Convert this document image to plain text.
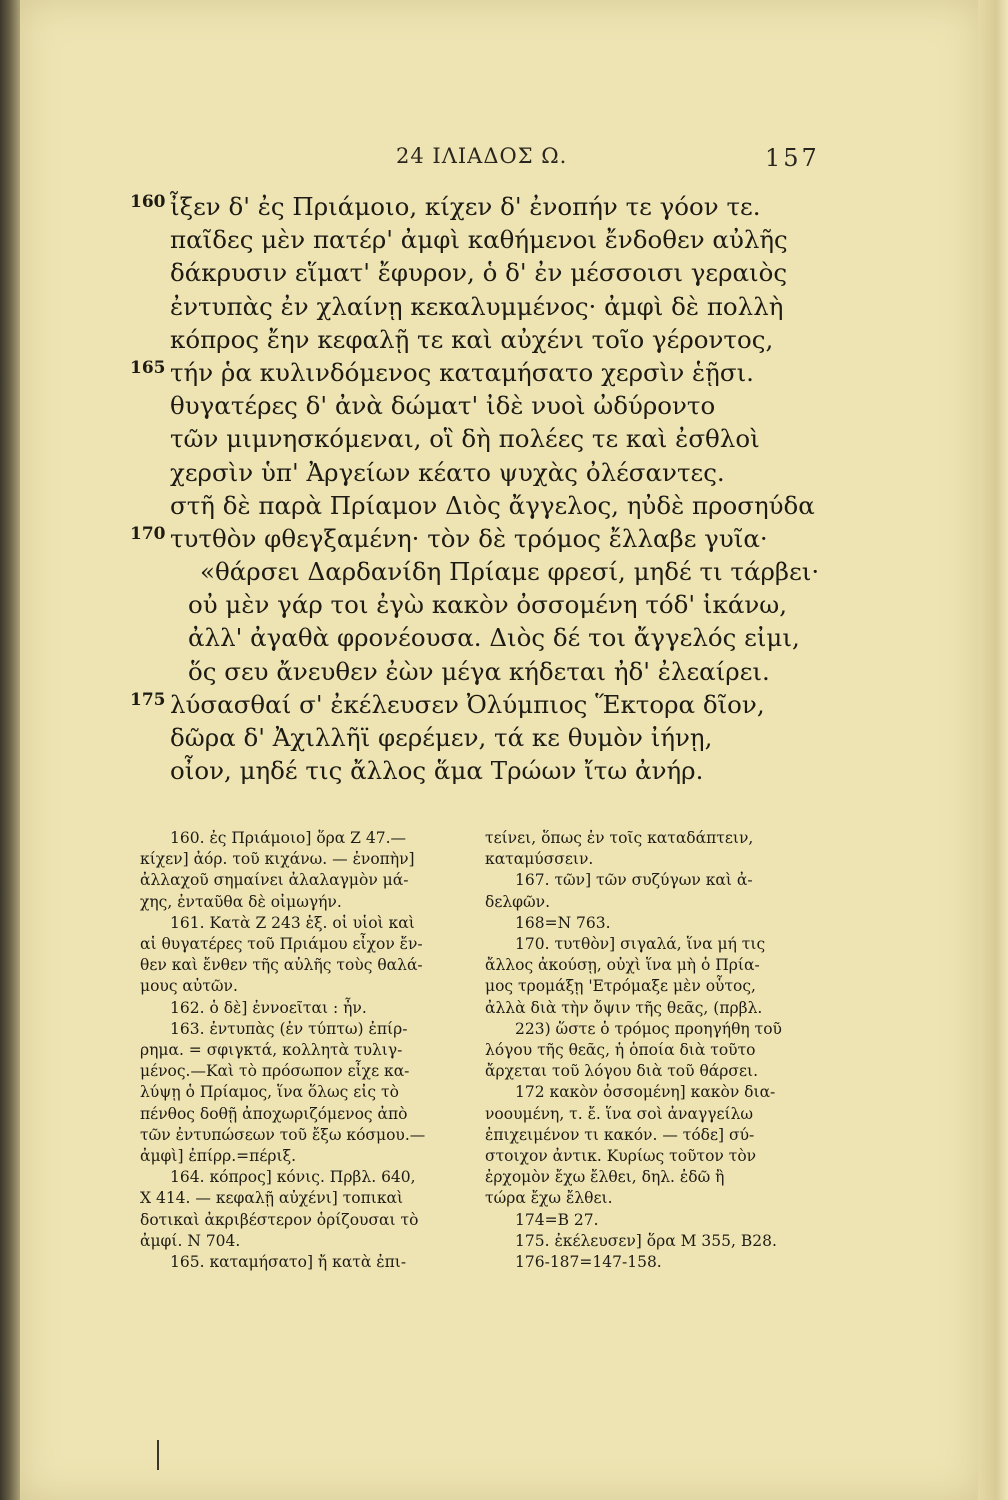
24 ΙΛΙΑΔΟΣ Ω.	157
160 ἶξεν δ' ἐς Πριάμοιο, κίχεν δ' ἐνοπήν τε γόον τε.
παῖδες μὲν πατέρ' ἀμφὶ καθήμενοι ἔνδοθεν αὐλῆς
δάκρυσιν εἵματ' ἔφυρον, ὁ δ' ἐν μέσσοισι γεραιὸς
ἐντυπὰς ἐν χλαίνῃ κεκαλυμμένος· ἀμφὶ δὲ πολλὴ
κόπρος ἔην κεφαλῇ τε καὶ αὐχένι τοῖο γέροντος,
165 τήν ῥα κυλινδόμενος καταμήσατο χερσὶν ἑῇσι.
θυγατέρες δ' ἀνὰ δώματ' ἰδὲ νυοὶ ὠδύροντο
τῶν μιμνησκόμεναι, οἳ δὴ πολέες τε καὶ ἐσθλοὶ
χερσὶν ὑπ' Ἀργείων κέατο ψυχὰς ὀλέσαντες.
στῆ δὲ παρὰ Πρίαμον Διὸς ἄγγελος, ηὐδὲ προσηύδα
170 τυτθὸν φθεγξαμένη· τὸν δὲ τρόμος ἔλλαβε γυῖα·
«θάρσει Δαρδανίδη Πρίαμε φρεσί, μηδέ τι τάρβει·
οὐ μὲν γάρ τοι ἐγὼ κακὸν ὀσσομένη τόδ' ἱκάνω,
ἀλλ' ἀγαθὰ φρονέουσα. Διὸς δέ τοι ἄγγελός εἰμι,
ὅς σευ ἄνευθεν ἐὼν μέγα κήδεται ἠδ' ἐλεαίρει.
175 λύσασθαί σ' ἐκέλευσεν Ὀλύμπιος Ἕκτορα δῖον,
δῶρα δ' Ἀχιλλῆϊ φερέμεν, τά κε θυμὸν ἰήνῃ,
οἶον, μηδέ τις ἄλλος ἅμα Τρώων ἴτω ἀνήρ.
160. ἐς Πριάμοιο] ὅρα Ζ 47.—
κίχεν] ἀόρ. τοῦ κιχάνω. — ἐνοπὴν]
ἀλλαχοῦ σημαίνει ἀλαλαγμὸν μά-
χης, ἐνταῦθα δὲ οἰμωγήν.
161. Κατὰ Ζ 243 ἑξ. οἱ υἱοὶ καὶ
αἱ θυγατέρες τοῦ Πριάμου εἶχον ἔν-
θεν καὶ ἔνθεν τῆς αὐλῆς τοὺς θαλά-
μους αὐτῶν.
162. ὁ δὲ] ἐννοεῖται : ἦν.
163. ἐντυπὰς (ἐν τύπτω) ἐπίρ-
ρημα. = σφιγκτά, κολλητὰ τυλιγ-
μένος.—Καὶ τὸ πρόσωπον εἶχε κα-
λύψῃ ὁ Πρίαμος, ἵνα ὅλως εἰς τὸ
πένθος δοθῇ ἀποχωριζόμενος ἀπὸ
τῶν ἐντυπώσεων τοῦ ἔξω κόσμου.—
ἀμφὶ] ἐπίρρ.=πέριξ.
164. κόπρος] κόνις. Πρβλ. 640,
Χ 414. — κεφαλῇ αὐχένι] τοπικαὶ
δοτικαὶ ἀκριβέστερον ὁρίζουσαι τὸ
ἀμφί. Ν 704.
165. καταμήσατο] ἤ κατὰ ἐπι-
τείνει, ὅπως ἐν τοῖς καταδάπτειν,
καταμύσσειν.
167. τῶν] τῶν συζύγων καὶ ἀ-
δελφῶν.
168=Ν 763.
170. τυτθὸν] σιγαλά, ἵνα μή τις
ἄλλος ἀκούσῃ, οὐχὶ ἵνα μὴ ὁ Πρία-
μος τρομάξῃ 'Ετρόμαξε μὲν οὗτος,
ἀλλὰ διὰ τὴν ὄψιν τῆς θεᾶς, (πρβλ.
223) ὥστε ὁ τρόμος προηγήθη τοῦ
λόγου τῆς θεᾶς, ἡ ὁποία διὰ τοῦτο
ἄρχεται τοῦ λόγου διὰ τοῦ θάρσει.
172 κακὸν ὀσσομένη] κακὸν δια-
νοουμένη, τ. ἔ. ἵνα σοὶ ἀναγγείλω
ἐπιχειμένον τι κακόν. — τόδε] σύ-
στοιχον ἀντικ. Κυρίως τοῦτον τὸν
ἐρχομὸν ἔχω ἔλθει, δηλ. ἐδῶ ἢ
τώρα ἔχω ἔλθει.
174=Β 27.
175. ἐκέλευσεν] ὅρα Μ 355, Β28.
176-187=147-158.
